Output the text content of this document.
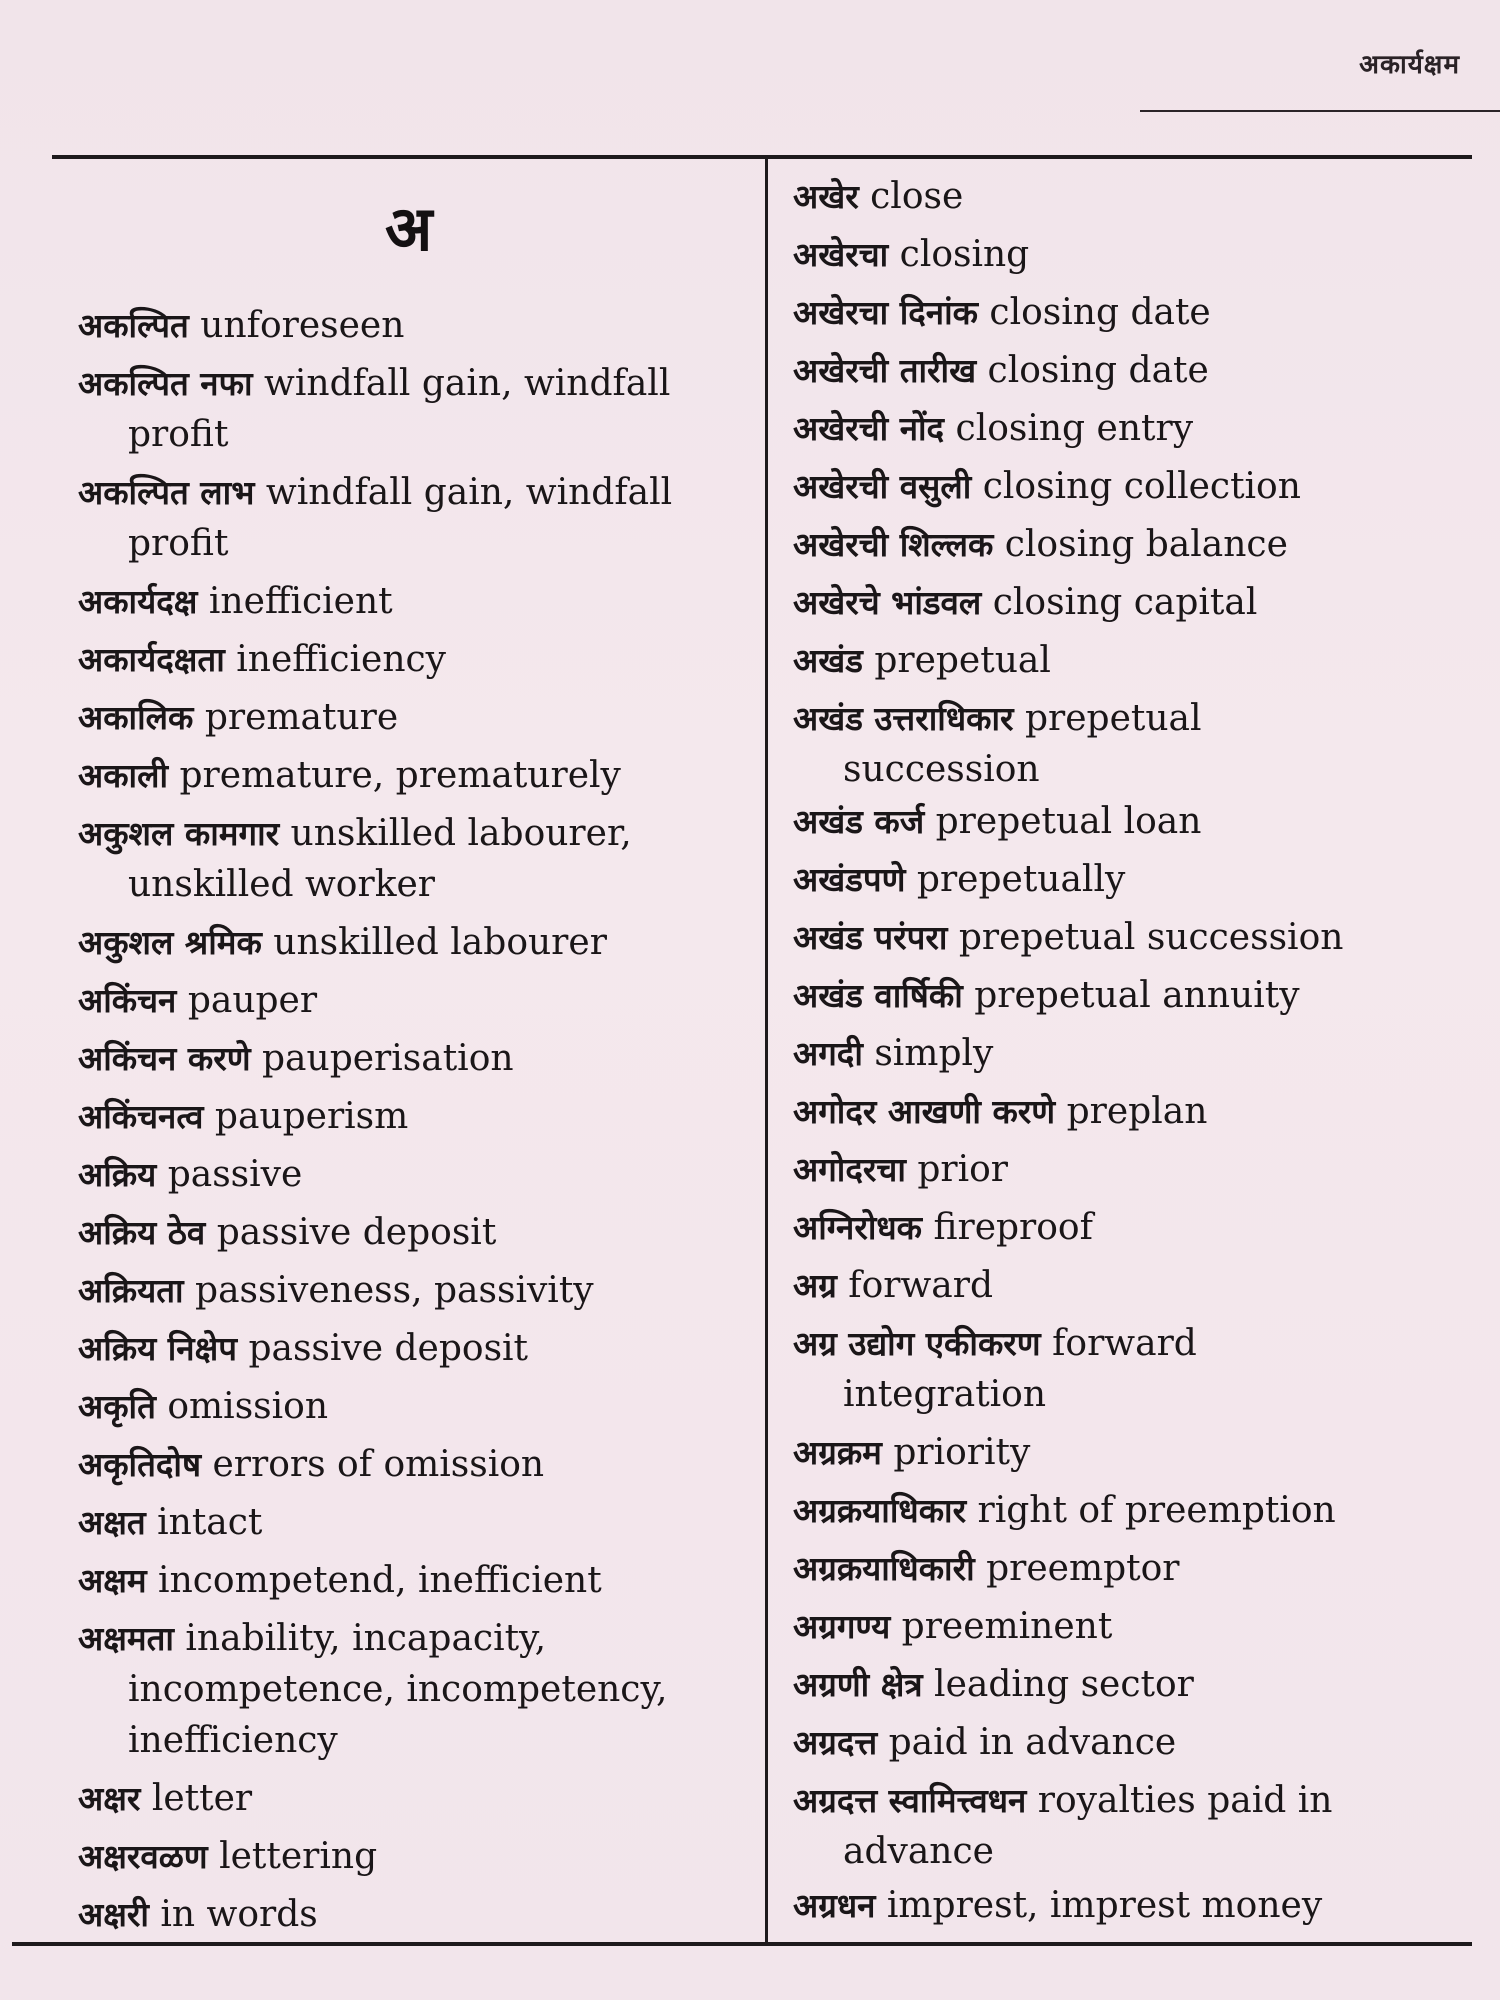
अकार्यक्षम
अ
अकल्पित unforeseen
अकल्पित नफा windfall gain, windfall
profit
अकल्पित लाभ windfall gain, windfall
profit
अकार्यदक्ष inefficient
अकार्यदक्षता inefficiency
अकालिक premature
अकाली premature, prematurely
अकुशल कामगार unskilled labourer,
unskilled worker
अकुशल श्रमिक unskilled labourer
अकिंचन pauper
अकिंचन करणे pauperisation
अकिंचनत्व pauperism
अक्रिय passive
अक्रिय ठेव passive deposit
अक्रियता passiveness, passivity
अक्रिय निक्षेप passive deposit
अकृति omission
अकृतिदोष errors of omission
अक्षत intact
अक्षम incompetend, inefficient
अक्षमता inability, incapacity,
incompetence, incompetency,
inefficiency
अक्षर letter
अक्षरवळण lettering
अक्षरी in words
अखेर close
अखेरचा closing
अखेरचा दिनांक closing date
अखेरची तारीख closing date
अखेरची नोंद closing entry
अखेरची वसुली closing collection
अखेरची शिल्लक closing balance
अखेरचे भांडवल closing capital
अखंड prepetual
अखंड उत्तराधिकार prepetual
succession
अखंड कर्ज prepetual loan
अखंडपणे prepetually
अखंड परंपरा prepetual succession
अखंड वार्षिकी prepetual annuity
अगदी simply
अगोदर आखणी करणे preplan
अगोदरचा prior
अग्निरोधक fireproof
अग्र forward
अग्र उद्योग एकीकरण forward
integration
अग्रक्रम priority
अग्रक्रयाधिकार right of preemption
अग्रक्रयाधिकारी preemptor
अग्रगण्य preeminent
अग्रणी क्षेत्र leading sector
अग्रदत्त paid in advance
अग्रदत्त स्वामित्त्वधन royalties paid in
advance
अग्रधन imprest, imprest money
